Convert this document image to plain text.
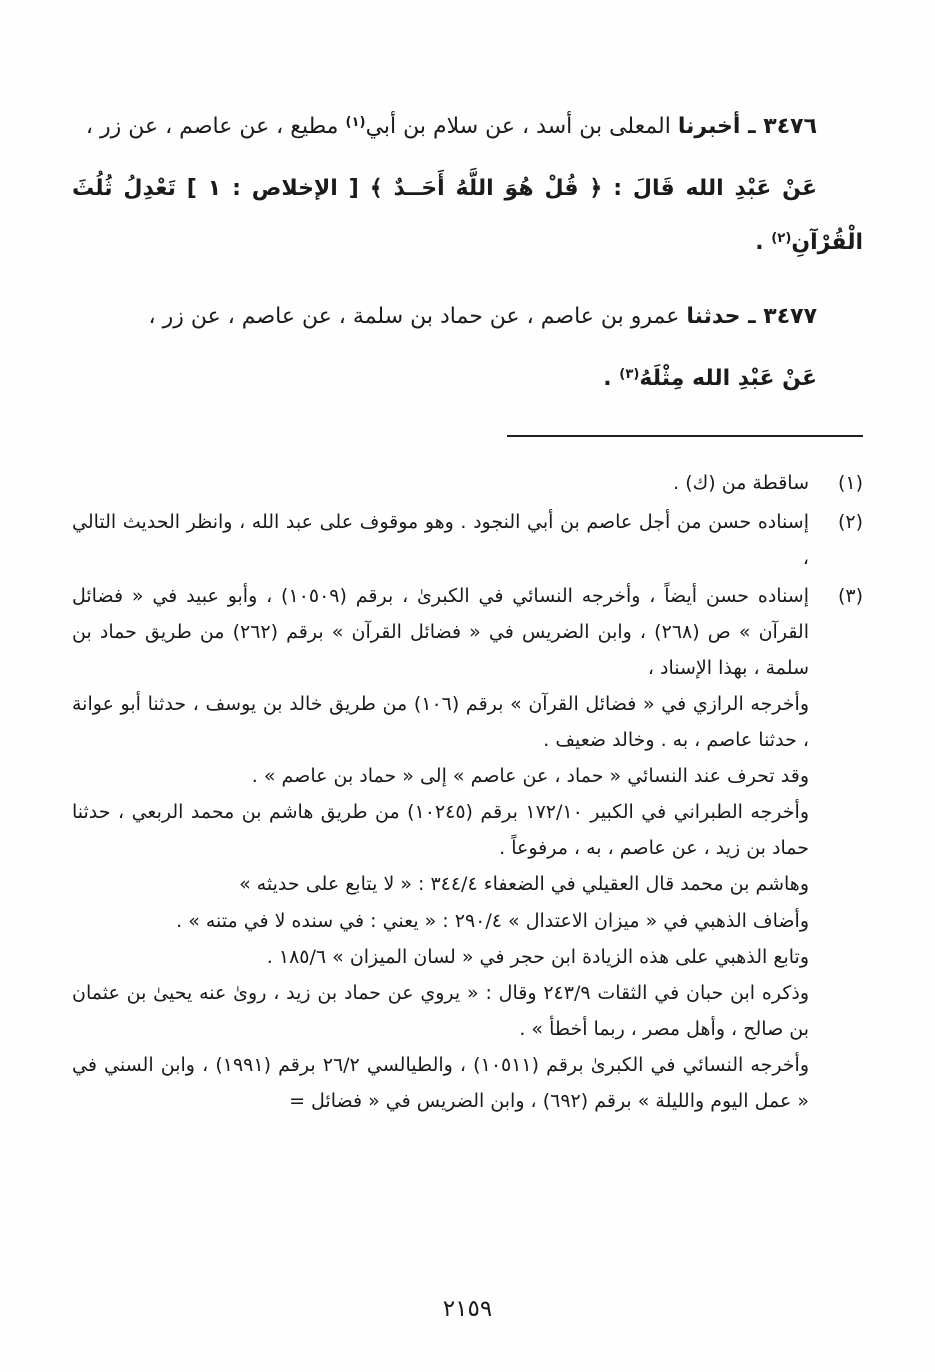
٣٤٧٦ ـ أخبرنا المعلى بن أسد ، عن سلام بن أبي$^{(١)}$ مطيع ، عن عاصم ، عن زر ،

عَنْ عَبْدِ الله قَالَ : ﴿ قُلْ هُوَ اللَّهُ أَحَــدٌ ﴾ [ الإخلاص : ١ ] تَعْدِلُ ثُلُثَ الْقُرْآنِ$^{(٢)}$ .

٣٤٧٧ ـ حدثنا عمرو بن عاصم ، عن حماد بن سلمة ، عن عاصم ، عن زر ،

عَنْ عَبْدِ الله مِثْلَهُ$^{(٣)}$ .

(١)

ساقطة من (ك) .

(٢)

إسناده حسن من أجل عاصم بن أبي النجود . وهو موقوف على عبد الله ، وانظر الحديث التالي ،

(٣)

إسناده حسن أيضاً ، وأخرجه النسائي في الكبرىٰ ، برقم (١٠٥٠٩) ، وأبو عبيد في « فضائل القرآن » ص (٢٦٨) ، وابن الضريس في « فضائل القرآن » برقم (٢٦٢) من طريق حماد بن سلمة ، بهذا الإسناد ،

وأخرجه الرازي في « فضائل القرآن » برقم (١٠٦) من طريق خالد بن يوسف ، حدثنا أبو عوانة ، حدثنا عاصم ، به . وخالد ضعيف .

وقد تحرف عند النسائي « حماد ، عن عاصم » إلى « حماد بن عاصم » .

وأخرجه الطبراني في الكبير ١٧٢/١٠ برقم (١٠٢٤٥) من طريق هاشم بن محمد الربعي ، حدثنا حماد بن زيد ، عن عاصم ، به ، مرفوعاً .

وهاشم بن محمد قال العقيلي في الضعفاء ٣٤٤/٤ : « لا يتابع على حديثه »

وأضاف الذهبي في « ميزان الاعتدال » ٢٩٠/٤ : « يعني : في سنده لا في متنه » .

وتابع الذهبي على هذه الزيادة ابن حجر في « لسان الميزان » ١٨٥/٦ .

وذكره ابن حبان في الثقات ٢٤٣/٩ وقال : « يروي عن حماد بن زيد ، روىٰ عنه يحيىٰ بن عثمان بن صالح ، وأهل مصر ، ربما أخطأ » .

وأخرجه النسائي في الكبرىٰ برقم (١٠٥١١) ، والطيالسي ٢٦/٢ برقم (١٩٩١) ، وابن السني في « عمل اليوم والليلة » برقم (٦٩٢) ، وابن الضريس في « فضائل =

٢١٥٩
